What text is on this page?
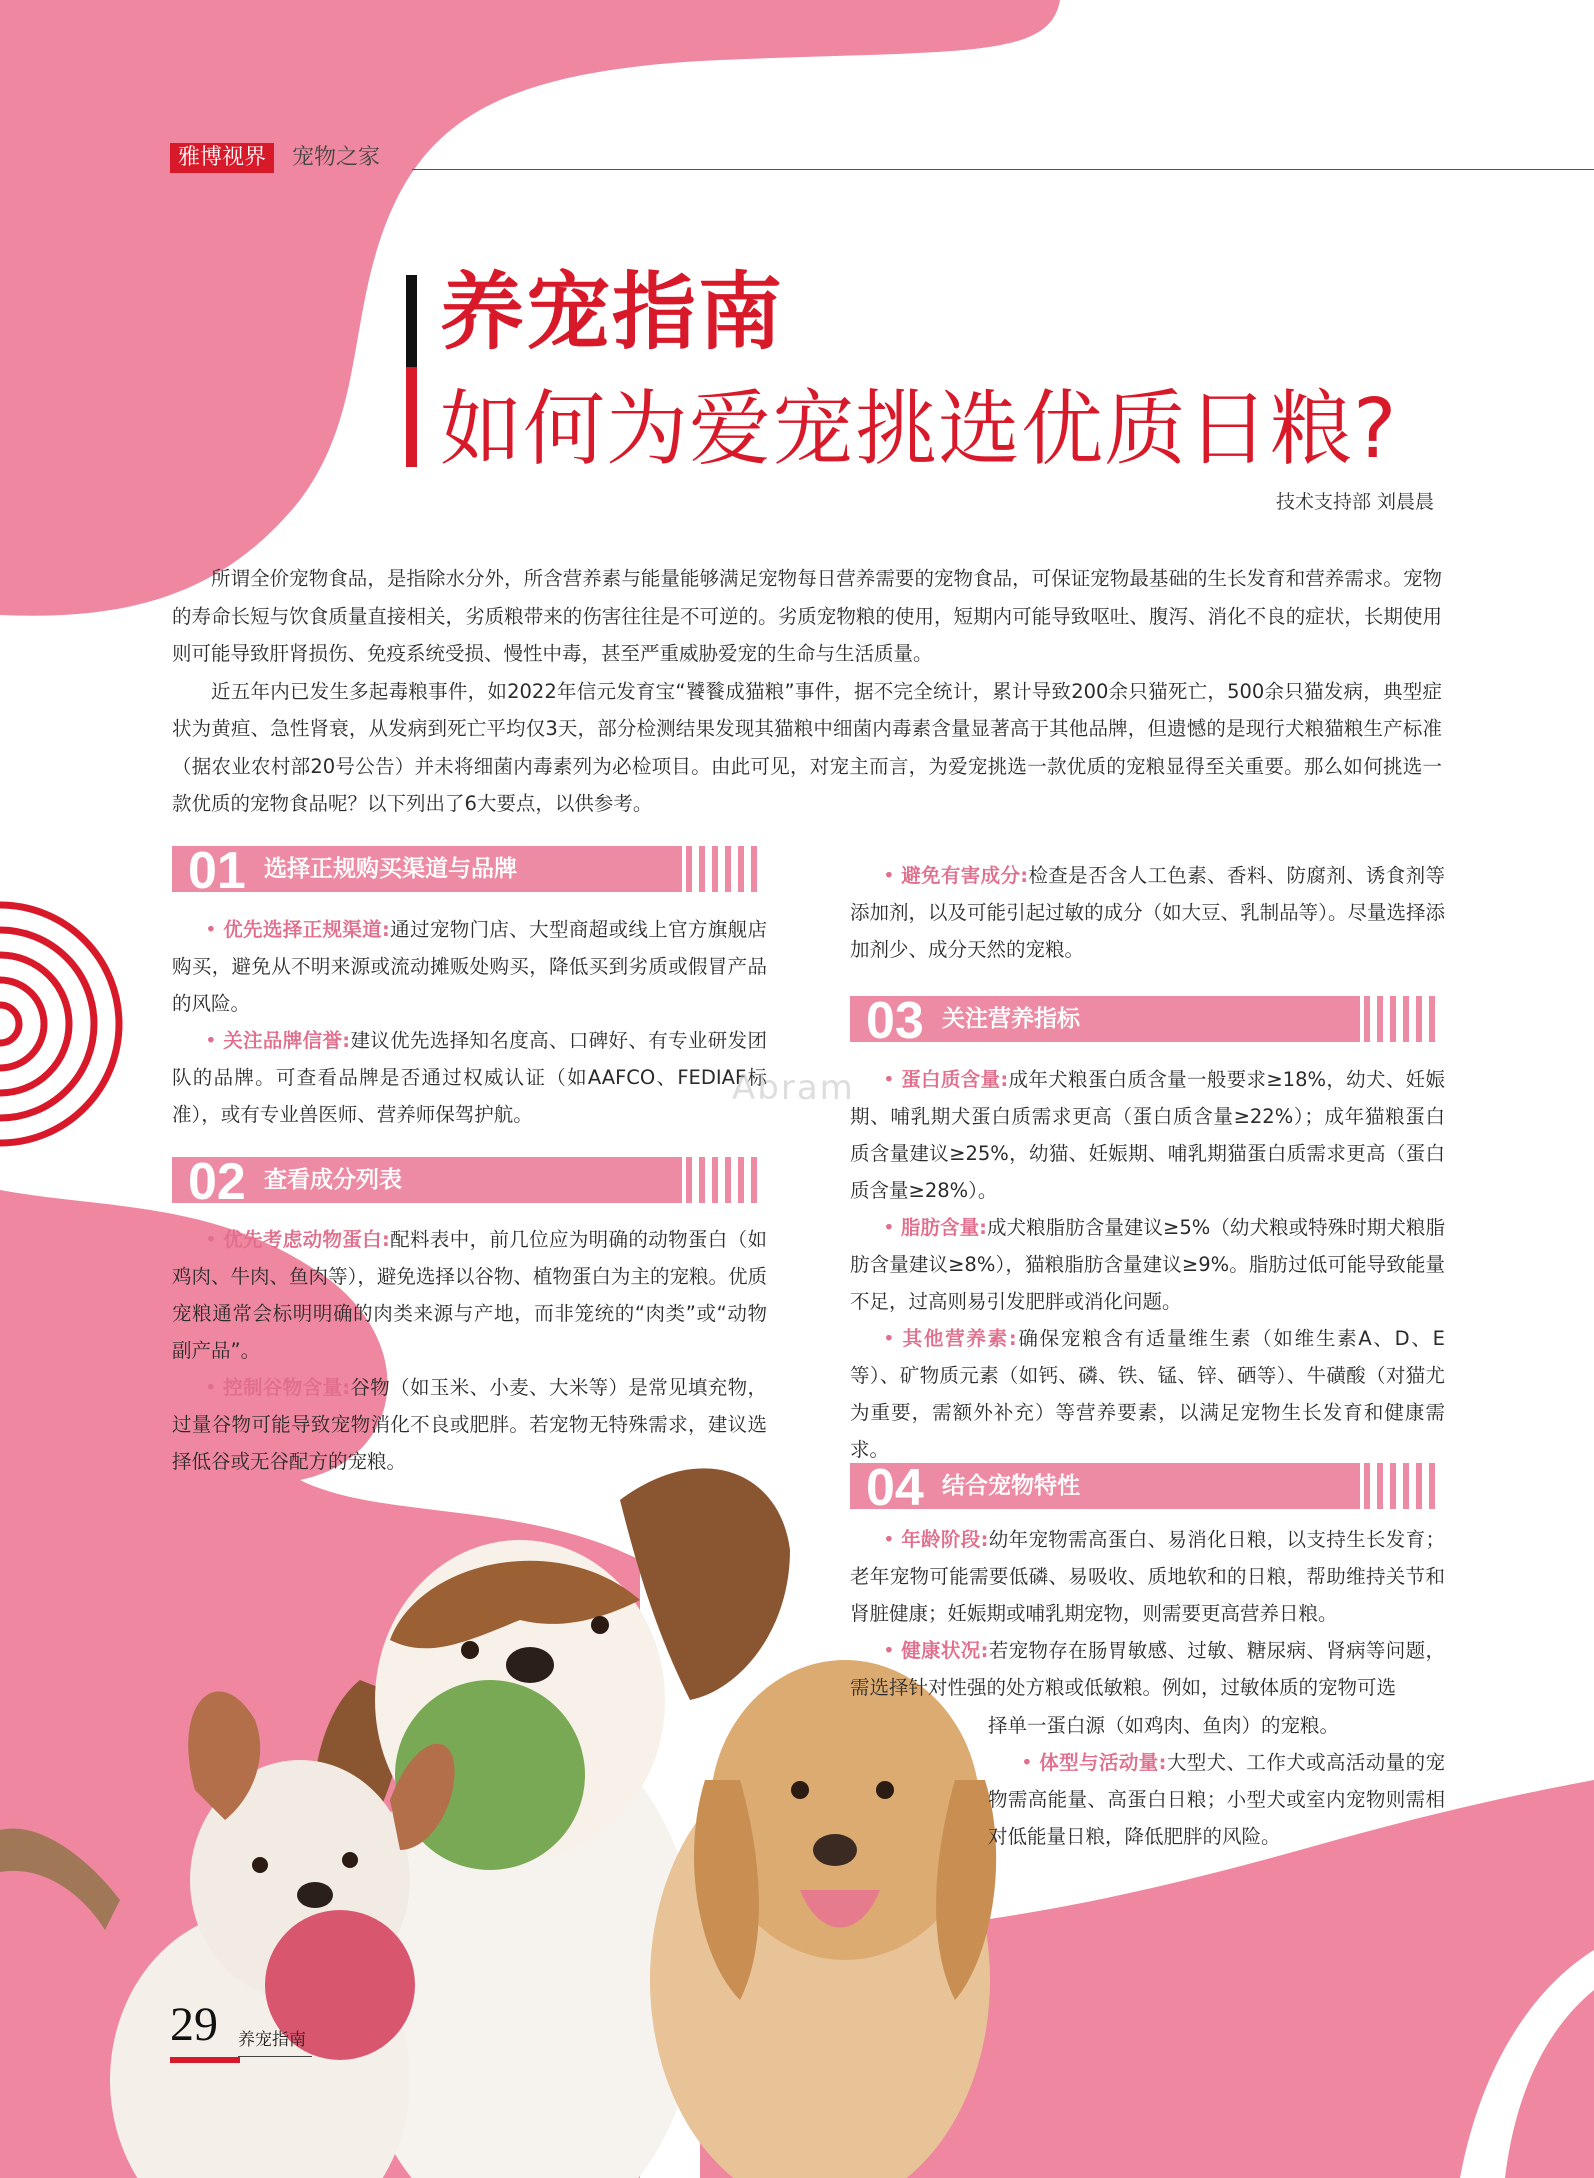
雅博视界	宠物之家
养宠指南
如何为爱宠挑选优质日粮?
技术支持部 刘晨晨

所谓全价宠物食品，是指除水分外，所含营养素与能量能够满足宠物每日营养需要的宠物食品，可保证宠物最基础的生长发育和营养需求。宠物的寿命长短与饮食质量直接相关，劣质粮带来的伤害往往是不可逆的。劣质宠物粮的使用，短期内可能导致呕吐、腹泻、消化不良的症状，长期使用则可能导致肝肾损伤、免疫系统受损、慢性中毒，甚至严重威胁爱宠的生命与生活质量。

近五年内已发生多起毒粮事件，如2022年信元发育宝“饕餮成猫粮”事件，据不完全统计，累计导致200余只猫死亡，500余只猫发病，典型症状为黄疸、急性肾衰，从发病到死亡平均仅3天，部分检测结果发现其猫粮中细菌内毒素含量显著高于其他品牌，但遗憾的是现行犬粮猫粮生产标准（据农业农村部20号公告）并未将细菌内毒素列为必检项目。由此可见，对宠主而言，为爱宠挑选一款优质的宠粮显得至关重要。那么如何挑选一款优质的宠物食品呢？以下列出了6大要点，以供参考。

01 选择正规购买渠道与品牌

• 优先选择正规渠道:通过宠物门店、大型商超或线上官方旗舰店购买，避免从不明来源或流动摊贩处购买，降低买到劣质或假冒产品的风险。

• 关注品牌信誉:建议优先选择知名度高、口碑好、有专业研发团队的品牌。可查看品牌是否通过权威认证（如AAFCO、FEDIAF标准），或有专业兽医师、营养师保驾护航。

02 查看成分列表

• 优先考虑动物蛋白:配料表中，前几位应为明确的动物蛋白（如鸡肉、牛肉、鱼肉等），避免选择以谷物、植物蛋白为主的宠粮。优质宠粮通常会标明明确的肉类来源与产地，而非笼统的“肉类”或“动物副产品”。

• 控制谷物含量:谷物（如玉米、小麦、大米等）是常见填充物，过量谷物可能导致宠物消化不良或肥胖。若宠物无特殊需求，建议选择低谷或无谷配方的宠粮。

• 避免有害成分:检查是否含人工色素、香料、防腐剂、诱食剂等添加剂，以及可能引起过敏的成分（如大豆、乳制品等）。尽量选择添加剂少、成分天然的宠粮。

03 关注营养指标

• 蛋白质含量:成年犬粮蛋白质含量一般要求≥18%，幼犬、妊娠期、哺乳期犬蛋白质需求更高（蛋白质含量≥22%）；成年猫粮蛋白质含量建议≥25%，幼猫、妊娠期、哺乳期猫蛋白质需求更高（蛋白质含量≥28%）。

• 脂肪含量:成犬粮脂肪含量建议≥5%（幼犬粮或特殊时期犬粮脂肪含量建议≥8%），猫粮脂肪含量建议≥9%。脂肪过低可能导致能量不足，过高则易引发肥胖或消化问题。

• 其他营养素:确保宠粮含有适量维生素（如维生素A、D、E等）、矿物质元素（如钙、磷、铁、锰、锌、硒等）、牛磺酸（对猫尤为重要，需额外补充）等营养要素，以满足宠物生长发育和健康需求。

04 结合宠物特性

• 年龄阶段:幼年宠物需高蛋白、易消化日粮，以支持生长发育；老年宠物可能需要低磷、易吸收、质地软和的日粮，帮助维持关节和肾脏健康；妊娠期或哺乳期宠物，则需要更高营养日粮。

• 健康状况:若宠物存在肠胃敏感、过敏、糖尿病、肾病等问题，需选择针对性强的处方粮或低敏粮。例如，过敏体质的宠物可选

择单一蛋白源（如鸡肉、鱼肉）的宠粮。

• 体型与活动量:大型犬、工作犬或高活动量的宠物需高能量、高蛋白日粮；小型犬或室内宠物则需相对低能量日粮，降低肥胖的风险。

Abram
29 养宠指南
